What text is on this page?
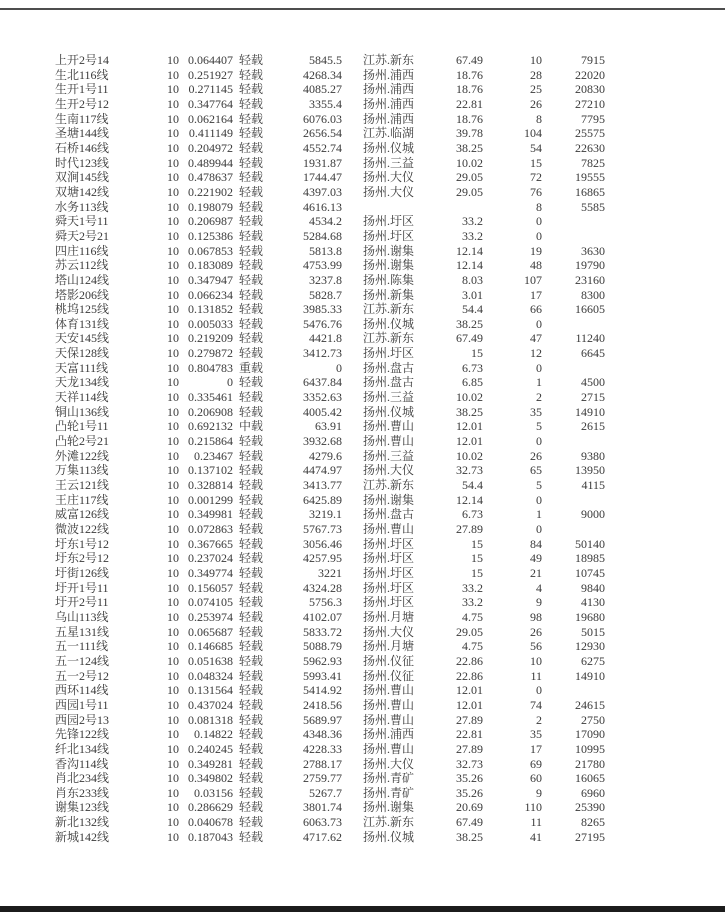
上开2号14	10	0.064407	轻载	5845.5	江苏.新东	67.49	10	7915
生北116线	10	0.251927	轻载	4268.34	扬州.浦西	18.76	28	22020
生开1号11	10	0.271145	轻载	4085.27	扬州.浦西	18.76	25	20830
生开2号12	10	0.347764	轻载	3355.4	扬州.浦西	22.81	26	27210
生南117线	10	0.062164	轻载	6076.03	扬州.浦西	18.76	8	7795
圣塘144线	10	0.411149	轻载	2656.54	江苏.临湖	39.78	104	25575
石桥146线	10	0.204972	轻载	4552.74	扬州.仪城	38.25	54	22630
时代123线	10	0.489944	轻载	1931.87	扬州.三益	10.02	15	7825
双涧145线	10	0.478637	轻载	1744.47	扬州.大仪	29.05	72	19555
双塘142线	10	0.221902	轻载	4397.03	扬州.大仪	29.05	76	16865
水务113线	10	0.198079	轻载	4616.13			8	5585
舜天1号11	10	0.206987	轻载	4534.2	扬州.圩区	33.2	0	
舜天2号21	10	0.125386	轻载	5284.68	扬州.圩区	33.2	0	
四庄116线	10	0.067853	轻载	5813.8	扬州.谢集	12.14	19	3630
苏云112线	10	0.183089	轻载	4753.99	扬州.谢集	12.14	48	19790
塔山124线	10	0.347947	轻载	3237.8	扬州.陈集	8.03	107	23160
塔影206线	10	0.066234	轻载	5828.7	扬州.新集	3.01	17	8300
桃坞125线	10	0.131852	轻载	3985.33	江苏.新东	54.4	66	16605
体育131线	10	0.005033	轻载	5476.76	扬州.仪城	38.25	0	
天安145线	10	0.219209	轻载	4421.8	江苏.新东	67.49	47	11240
天保128线	10	0.279872	轻载	3412.73	扬州.圩区	15	12	6645
天富111线	10	0.804783	重载	0	扬州.盘古	6.73	0	
天龙134线	10	0	轻载	6437.84	扬州.盘古	6.85	1	4500
天祥114线	10	0.335461	轻载	3352.63	扬州.三益	10.02	2	2715
铜山136线	10	0.206908	轻载	4005.42	扬州.仪城	38.25	35	14910
凸轮1号11	10	0.692132	中载	63.91	扬州.曹山	12.01	5	2615
凸轮2号21	10	0.215864	轻载	3932.68	扬州.曹山	12.01	0	
外滩122线	10	0.23467	轻载	4279.6	扬州.三益	10.02	26	9380
万集113线	10	0.137102	轻载	4474.97	扬州.大仪	32.73	65	13950
王云121线	10	0.328814	轻载	3413.77	江苏.新东	54.4	5	4115
王庄117线	10	0.001299	轻载	6425.89	扬州.谢集	12.14	0	
威富126线	10	0.349981	轻载	3219.1	扬州.盘古	6.73	1	9000
微波122线	10	0.072863	轻载	5767.73	扬州.曹山	27.89	0	
圩东1号12	10	0.367665	轻载	3056.46	扬州.圩区	15	84	50140
圩东2号12	10	0.237024	轻载	4257.95	扬州.圩区	15	49	18985
圩街126线	10	0.349774	轻载	3221	扬州.圩区	15	21	10745
圩开1号11	10	0.156057	轻载	4324.28	扬州.圩区	33.2	4	9840
圩开2号11	10	0.074105	轻载	5756.3	扬州.圩区	33.2	9	4130
乌山113线	10	0.253974	轻载	4102.07	扬州.月塘	4.75	98	19680
五星131线	10	0.065687	轻载	5833.72	扬州.大仪	29.05	26	5015
五一111线	10	0.146685	轻载	5088.79	扬州.月塘	4.75	56	12930
五一124线	10	0.051638	轻载	5962.93	扬州.仪征	22.86	10	6275
五一2号12	10	0.048324	轻载	5993.41	扬州.仪征	22.86	11	14910
西环114线	10	0.131564	轻载	5414.92	扬州.曹山	12.01	0	
西园1号11	10	0.437024	轻载	2418.56	扬州.曹山	12.01	74	24615
西园2号13	10	0.081318	轻载	5689.97	扬州.曹山	27.89	2	2750
先锋122线	10	0.14822	轻载	4348.36	扬州.浦西	22.81	35	17090
纤北134线	10	0.240245	轻载	4228.33	扬州.曹山	27.89	17	10995
香沟114线	10	0.349281	轻载	2788.17	扬州.大仪	32.73	69	21780
肖北234线	10	0.349802	轻载	2759.77	扬州.青矿	35.26	60	16065
肖东233线	10	0.03156	轻载	5267.7	扬州.青矿	35.26	9	6960
谢集123线	10	0.286629	轻载	3801.74	扬州.谢集	20.69	110	25390
新北132线	10	0.040678	轻载	6063.73	江苏.新东	67.49	11	8265
新城142线	10	0.187043	轻载	4717.62	扬州.仪城	38.25	41	27195
